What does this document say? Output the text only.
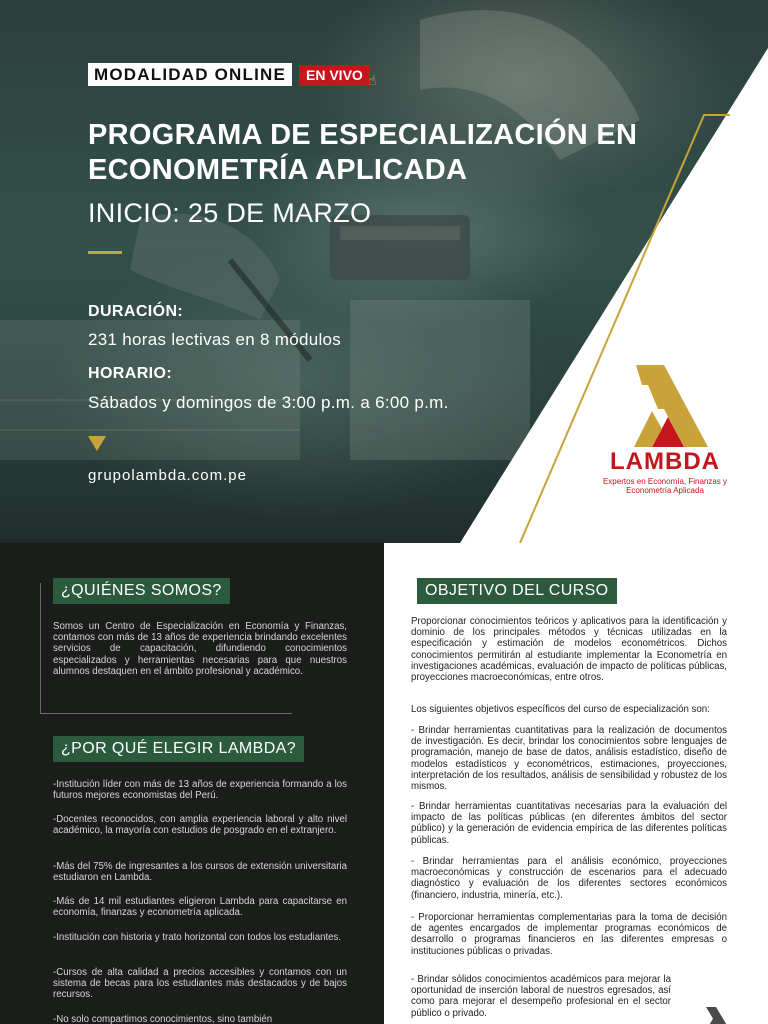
MODALIDAD ONLINE	EN VIVO ☝
PROGRAMA DE ESPECIALIZACIÓN EN
ECONOMETRÍA APLICADA
INICIO: 25 DE MARZO
DURACIÓN:
231 horas lectivas en 8 módulos
HORARIO:
Sábados y domingos de 3:00 p.m. a 6:00 p.m.
grupolambda.com.pe
LAMBDA
Expertos en Economía, Finanzas y
Econometría Aplicada
¿QUIÉNES SOMOS?

Somos un Centro de Especialización en Economía y Finanzas, contamos con más de 13 años de experiencia brindando excelentes servicios de capacitación, difundiendo conocimientos especializados y herramientas necesarias para que nuestros alumnos destaquen en el ámbito profesional y académico.

¿POR QUÉ ELEGIR LAMBDA?

-Institución líder con más de 13 años de experiencia formando a los futuros mejores economistas del Perú.

-Docentes reconocidos, con amplia experiencia laboral y alto nivel académico, la mayoría con estudios de posgrado en el extranjero.

-Más del 75% de ingresantes a los cursos de extensión universitaria estudiaron en Lambda.

-Más de 14 mil estudiantes eligieron Lambda para capacitarse en economía, finanzas y econometría aplicada.

-Institución con historia y trato horizontal con todos los estudiantes.

-Cursos de alta calidad a precios accesibles y contamos con un sistema de becas para los estudiantes más destacados y de bajos recursos.

-No solo compartimos conocimientos, sino también

OBJETIVO DEL CURSO

Proporcionar conocimientos teóricos y aplicativos para la identificación y dominio de los principales métodos y técnicas utilizadas en la especificación y estimación de modelos econométricos. Dichos conocimientos permitirán al estudiante implementar la Econometría en investigaciones académicas, evaluación de impacto de políticas públicas, proyecciones macroeconómicas, entre otros.

Los siguientes objetivos específicos del curso de especialización son:

- Brindar herramientas cuantitativas para la realización de documentos de investigación. Es decir, brindar los conocimientos sobre lenguajes de programación, manejo de base de datos, análisis estadístico, diseño de modelos estadísticos y econométricos, estimaciones, proyecciones, interpretación de los resultados, análisis de sensibilidad y robustez de los mismos.

- Brindar herramientas cuantitativas necesarias para la evaluación del impacto de las políticas públicas (en diferentes ámbitos del sector público) y la generación de evidencia empírica de las diferentes políticas públicas.

- Brindar herramientas para el análisis económico, proyecciones macroeconómicas y construcción de escenarios para el adecuado diagnóstico y evaluación de los diferentes sectores económicos (financiero, industria, minería, etc.).

- Proporcionar herramientas complementarias para la toma de decisión de agentes encargados de implementar programas económicos de desarrollo o programas financieros en las diferentes empresas o instituciones públicas o privadas.

- Brindar sólidos conocimientos académicos para mejorar la oportunidad de inserción laboral de nuestros egresados, así como para mejorar el desempeño profesional en el sector público o privado.
